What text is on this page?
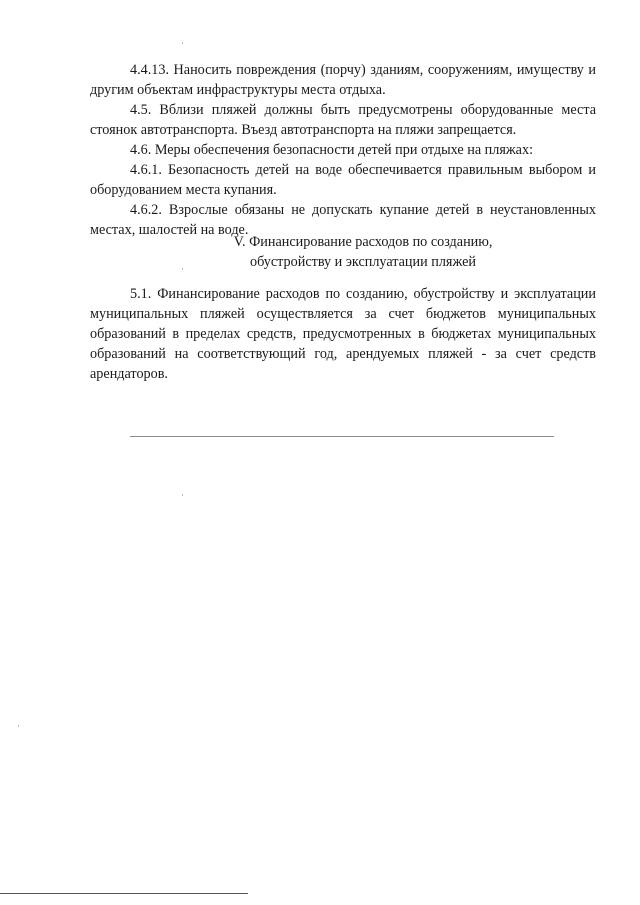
4.4.13. Наносить повреждения (порчу) зданиям, сооружениям, имуществу и другим объектам инфраструктуры места отдыха.

4.5. Вблизи пляжей должны быть предусмотрены оборудованные места стоянок автотранспорта. Въезд автотранспорта на пляжи запрещается.

4.6. Меры обеспечения безопасности детей при отдыхе на пляжах:

4.6.1. Безопасность детей на воде обеспечивается правильным выбором и оборудованием места купания.

4.6.2. Взрослые обязаны не допускать купание детей в неустановленных местах, шалостей на воде.

V. Финансирование расходов по созданию,
обустройству и эксплуатации пляжей

5.1. Финансирование расходов по созданию, обустройству и эксплуатации муниципальных пляжей осуществляется за счет бюджетов муниципальных образований в пределах средств, предусмотренных в бюджетах муниципальных образований на соответствующий год, арендуемых пляжей - за счет средств арендаторов.
